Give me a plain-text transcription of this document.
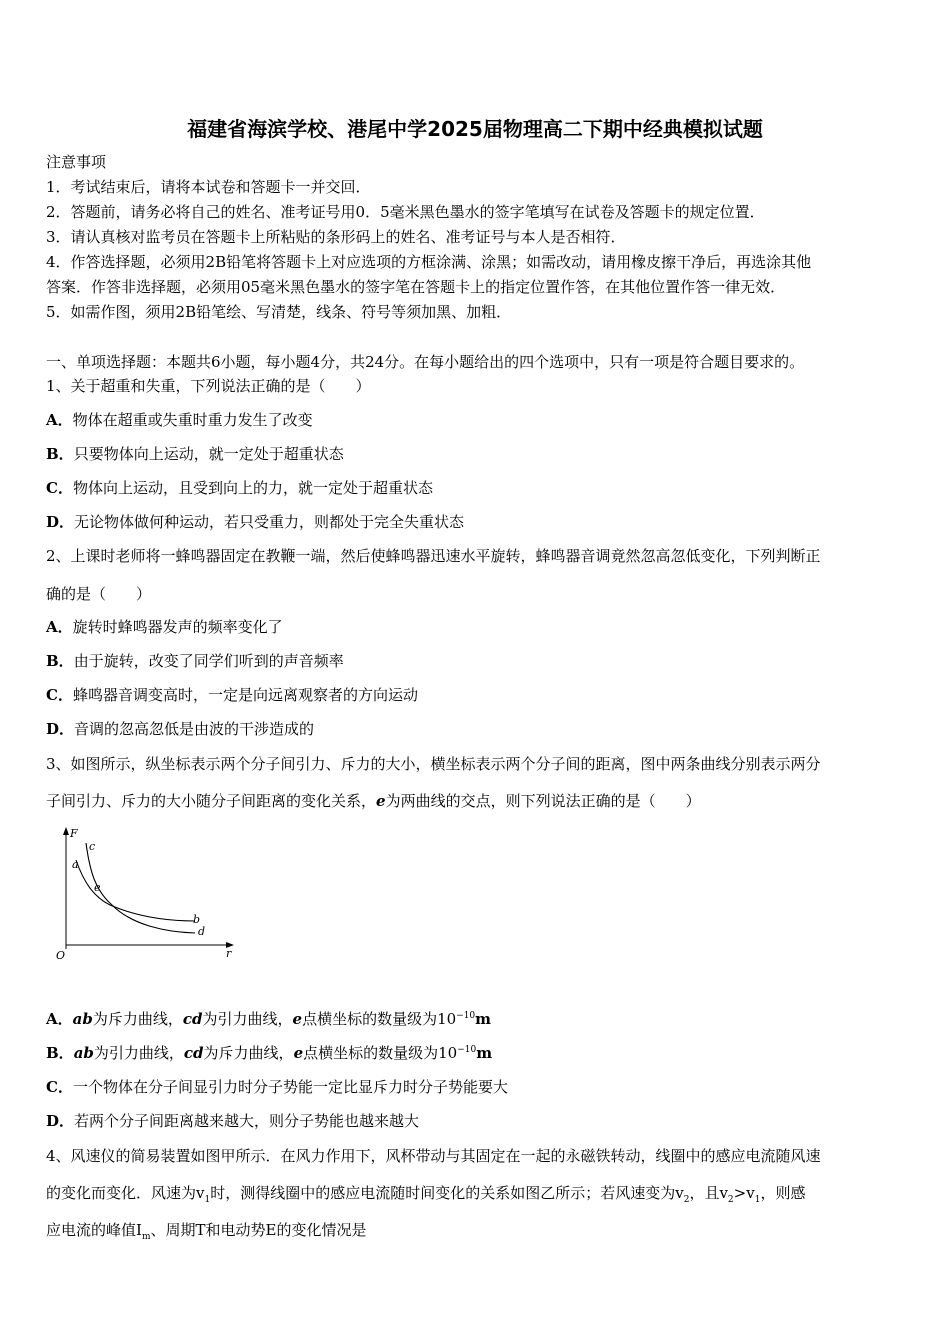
福建省海滨学校、港尾中学2025届物理高二下期中经典模拟试题
注意事项
1．考试结束后，请将本试卷和答题卡一并交回．
2．答题前，请务必将自己的姓名、准考证号用0．5毫米黑色墨水的签字笔填写在试卷及答题卡的规定位置．
3．请认真核对监考员在答题卡上所粘贴的条形码上的姓名、准考证号与本人是否相符．
4．作答选择题，必须用2B铅笔将答题卡上对应选项的方框涂满、涂黑；如需改动，请用橡皮擦干净后，再选涂其他
答案．作答非选择题，必须用05毫米黑色墨水的签字笔在答题卡上的指定位置作答，在其他位置作答一律无效．
5．如需作图，须用2B铅笔绘、写清楚，线条、符号等须加黑、加粗．
一、单项选择题：本题共6小题，每小题4分，共24分。在每小题给出的四个选项中，只有一项是符合题目要求的。
1、关于超重和失重，下列说法正确的是（　　）
A．物体在超重或失重时重力发生了改变
B．只要物体向上运动，就一定处于超重状态
C．物体向上运动，且受到向上的力，就一定处于超重状态
D．无论物体做何种运动，若只受重力，则都处于完全失重状态
2、上课时老师将一蜂鸣器固定在教鞭一端，然后使蜂鸣器迅速水平旋转，蜂鸣器音调竟然忽高忽低变化，下列判断正
确的是（　　）
A．旋转时蜂鸣器发声的频率变化了
B．由于旋转，改变了同学们听到的声音频率
C．蜂鸣器音调变高时，一定是向远离观察者的方向运动
D．音调的忽高忽低是由波的干涉造成的
3、如图所示，纵坐标表示两个分子间引力、斥力的大小，横坐标表示两个分子间的距离，图中两条曲线分别表示两分
子间引力、斥力的大小随分子间距离的变化关系，e为两曲线的交点，则下列说法正确的是（　　）
F
r
O
a
c
e
b
d
A．ab为斥力曲线，cd为引力曲线，e点横坐标的数量级为$10^{-10}m$
B．ab为引力曲线，cd为斥力曲线，e点横坐标的数量级为$10^{-10}m$
C．一个物体在分子间显引力时分子势能一定比显斥力时分子势能要大
D．若两个分子间距离越来越大，则分子势能也越来越大
4、风速仪的简易装置如图甲所示．在风力作用下，风杯带动与其固定在一起的永磁铁转动，线圈中的感应电流随风速
的变化而变化．风速为$v_1$时，测得线圈中的感应电流随时间变化的关系如图乙所示；若风速变为$v_2$，且$v_2>v_1$，则感
应电流的峰值$I_m$、周期T和电动势E的变化情况是
